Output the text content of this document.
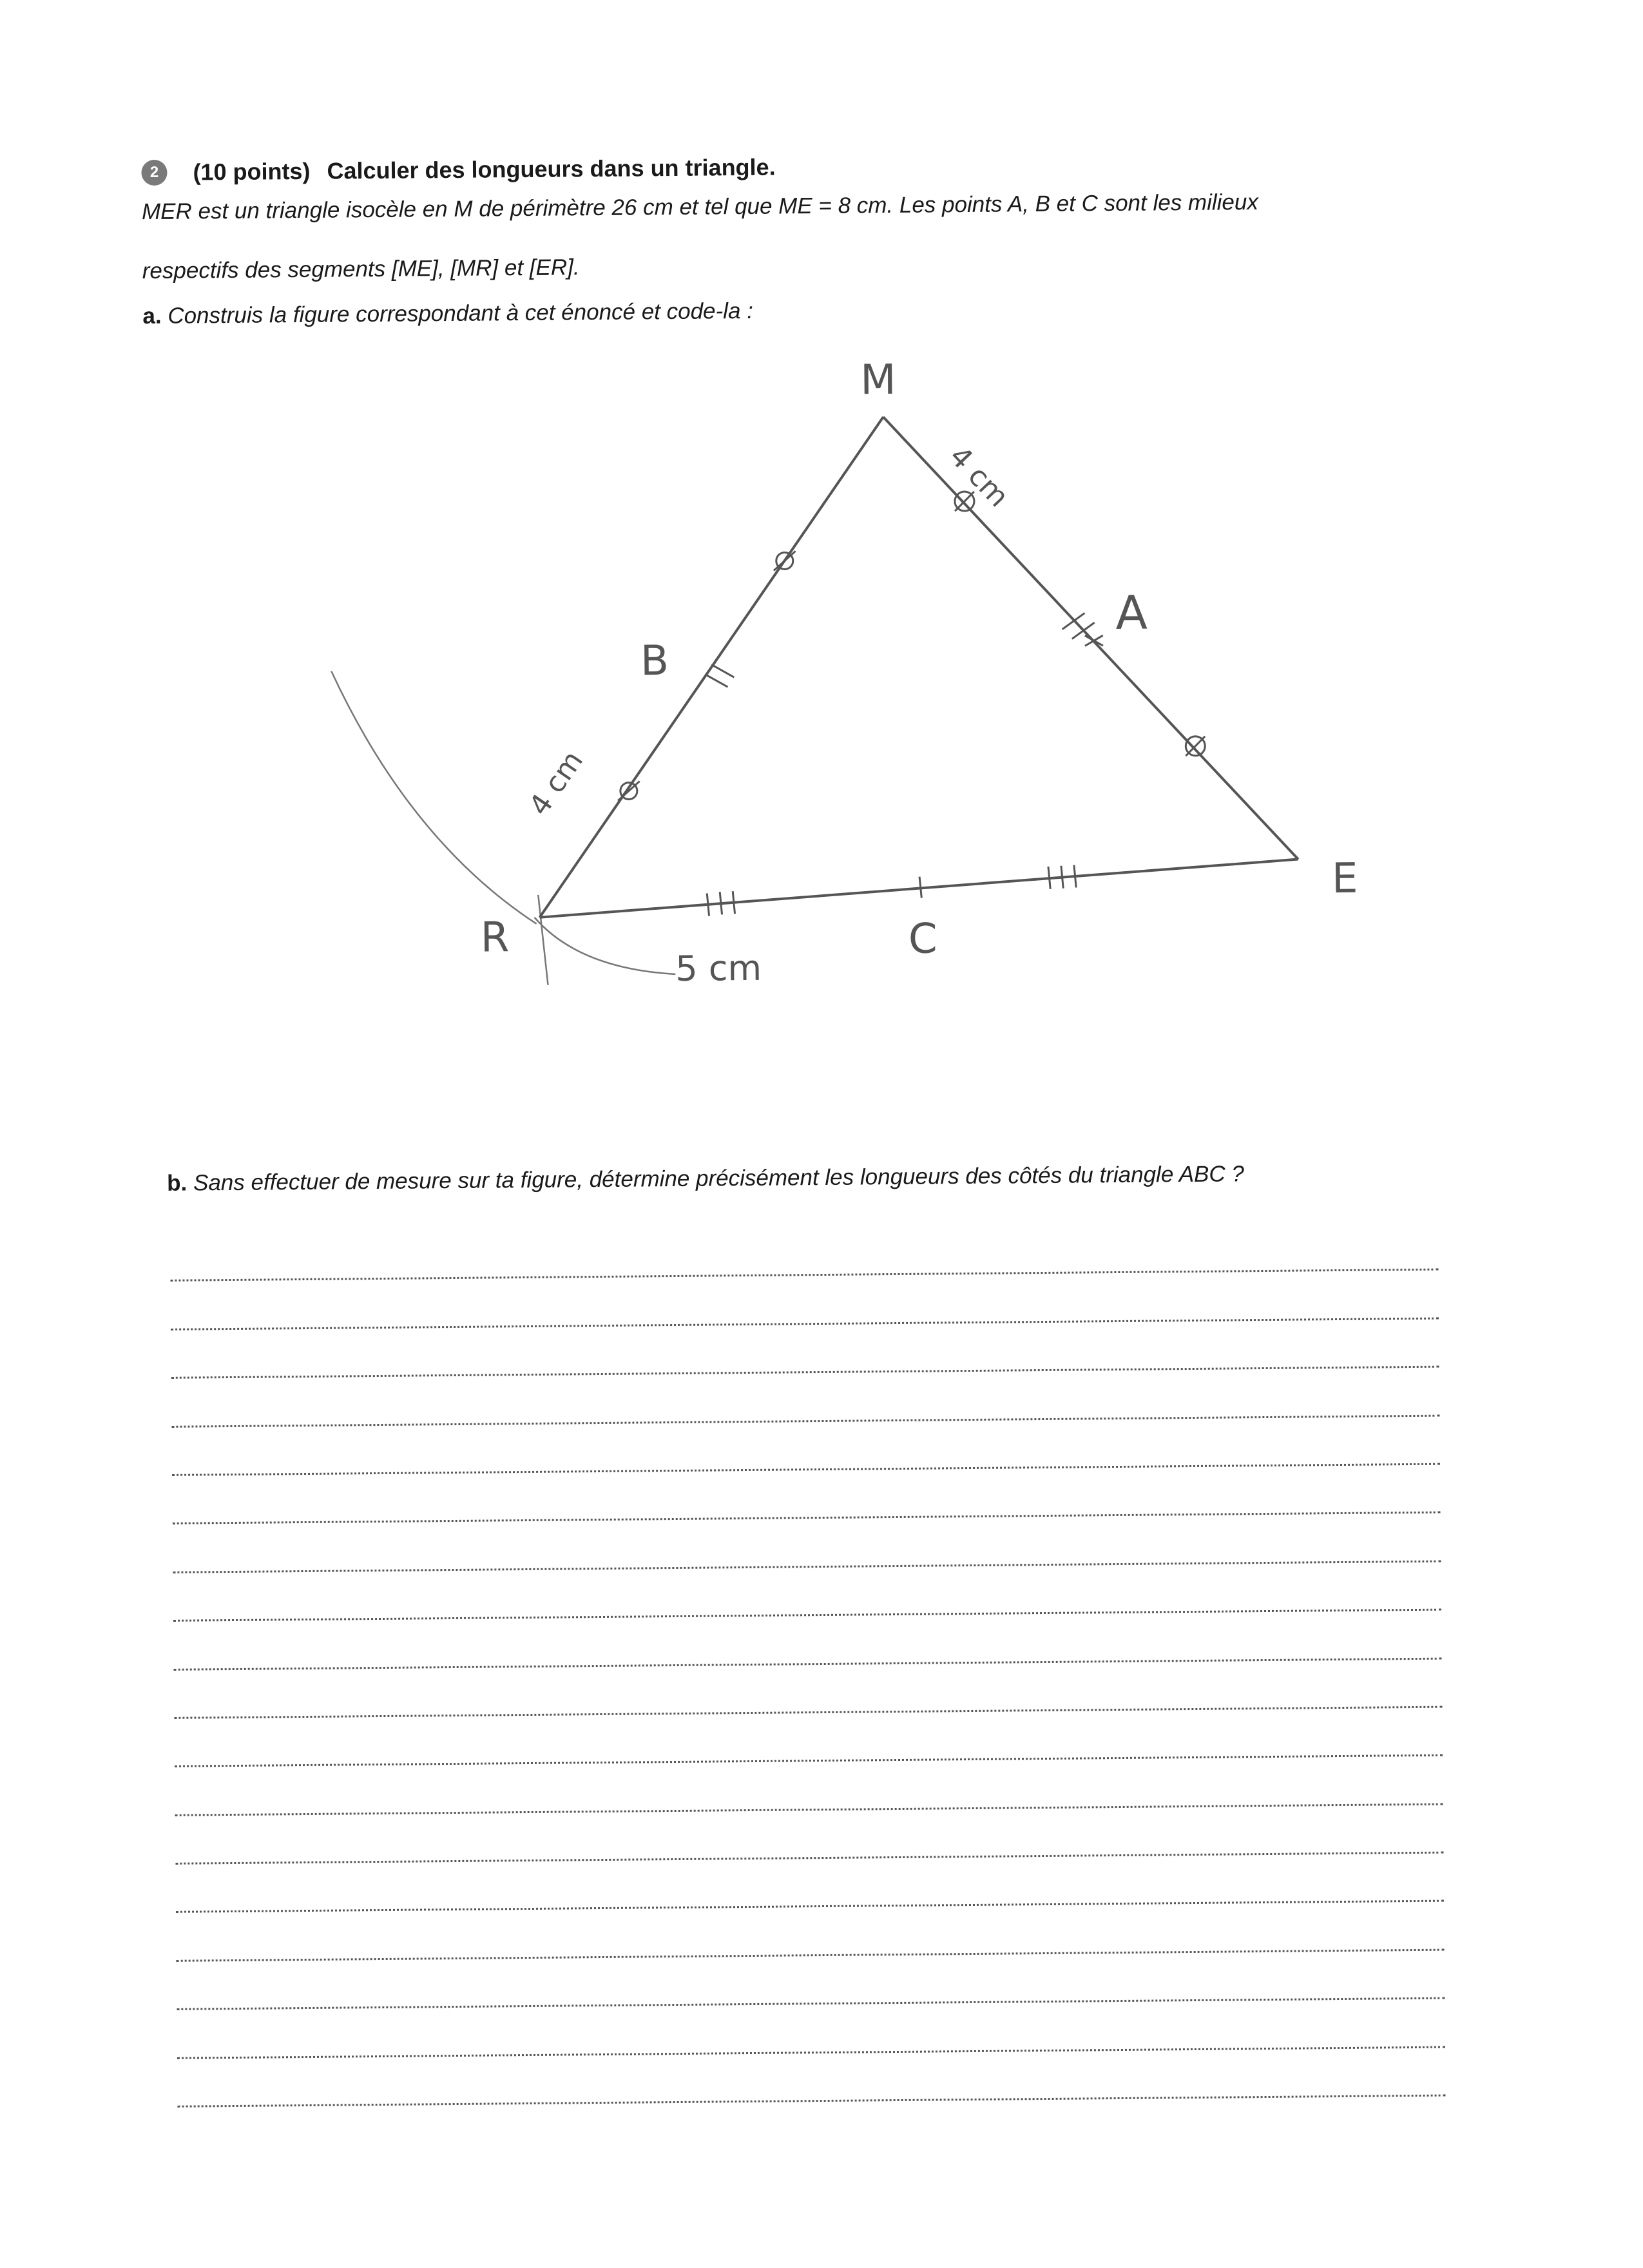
2	(10 points) Calculer des longueurs dans un triangle.
MER est un triangle isocèle en M de périmètre 26 cm et tel que ME = 8 cm. Les points A, B et C sont les milieux
respectifs des segments [ME], [MR] et [ER].
a. Construis la figure correspondant à cet énoncé et code-la :
M
R
E
A
B
C
4 cm
4 cm
5 cm
b. Sans effectuer de mesure sur ta figure, détermine précisément les longueurs des côtés du triangle ABC ?
